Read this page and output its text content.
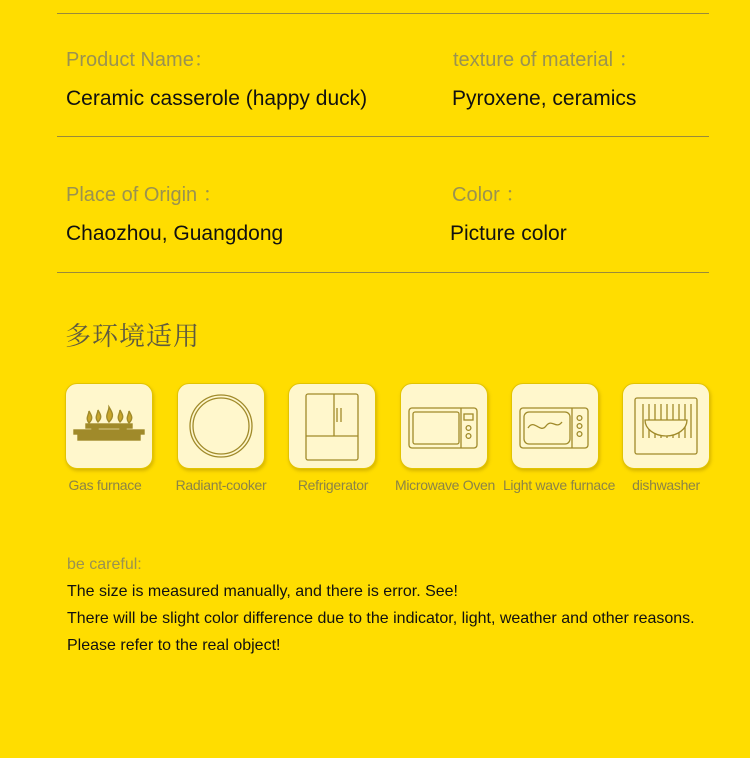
Product Name：
Ceramic casserole (happy duck)
texture of material ：
Pyroxene, ceramics
Place of Origin ：
Chaozhou, Guangdong
Color ：
Picture color
多环境适用
Gas furnace Radiant-cooker Refrigerator Microwave Oven Light wave furnace dishwasher
be careful:
The size is measured manually, and there is error. See!
There will be slight color difference due to the indicator, light, weather and other reasons.
Please refer to the real object!
